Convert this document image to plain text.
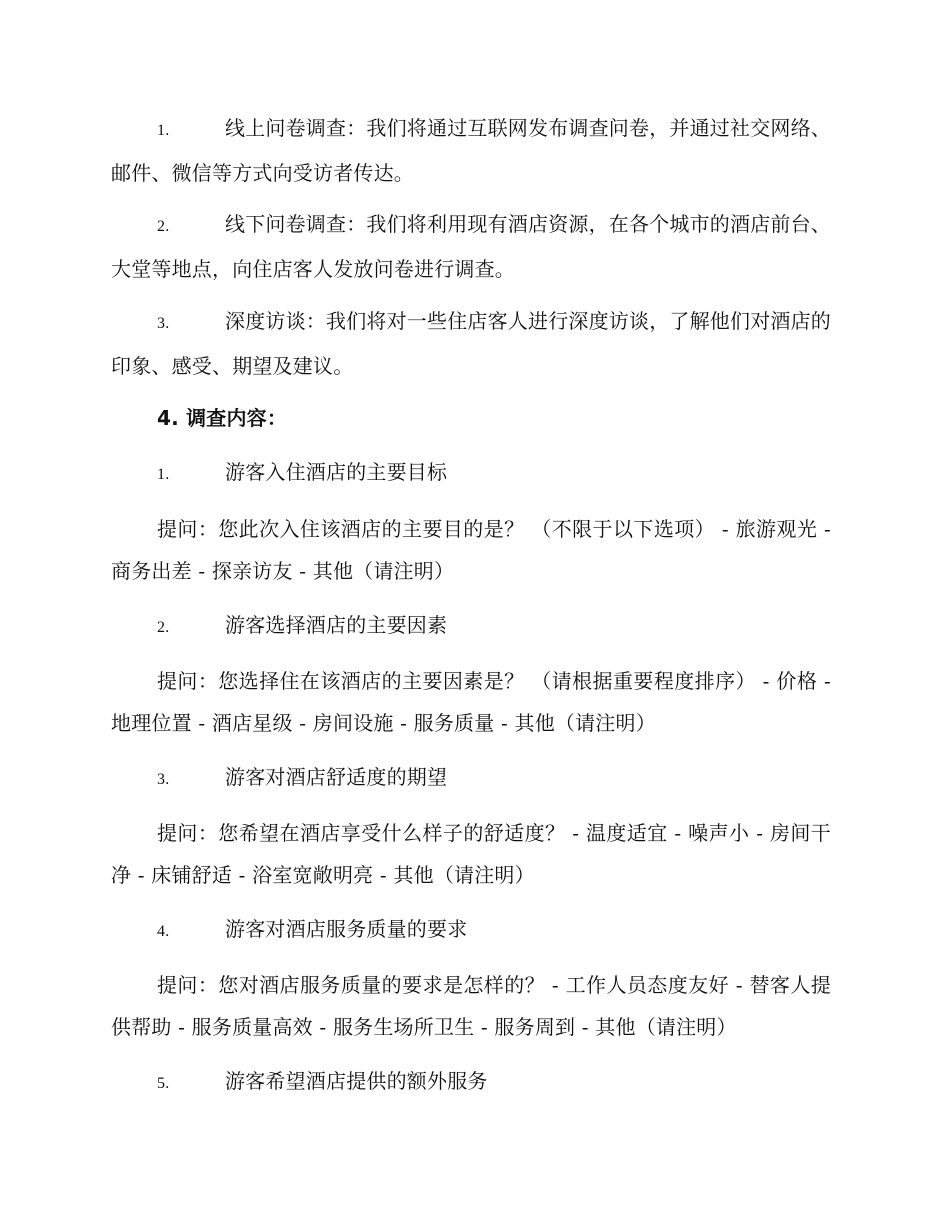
1.	线上问卷调查：我们将通过互联网发布调查问卷，并通过社交网络、邮件、微信等方式向受访者传达。
2.	线下问卷调查：我们将利用现有酒店资源，在各个城市的酒店前台、大堂等地点，向住店客人发放问卷进行调查。
3.	深度访谈：我们将对一些住店客人进行深度访谈，了解他们对酒店的印象、感受、期望及建议。
4. 调查内容：
1.	游客入住酒店的主要目标
提问：您此次入住该酒店的主要目的是？ （不限于以下选项） - 旅游观光 - 商务出差 - 探亲访友 - 其他（请注明）
2.	游客选择酒店的主要因素
提问：您选择住在该酒店的主要因素是？ （请根据重要程度排序） - 价格 - 地理位置 - 酒店星级 - 房间设施 - 服务质量 - 其他（请注明）
3.	游客对酒店舒适度的期望
提问：您希望在酒店享受什么样子的舒适度？ - 温度适宜 - 噪声小 - 房间干净 - 床铺舒适 - 浴室宽敞明亮 - 其他（请注明）
4.	游客对酒店服务质量的要求
提问：您对酒店服务质量的要求是怎样的？ - 工作人员态度友好 - 替客人提供帮助 - 服务质量高效 - 服务生场所卫生 - 服务周到 - 其他（请注明）
5.	游客希望酒店提供的额外服务
